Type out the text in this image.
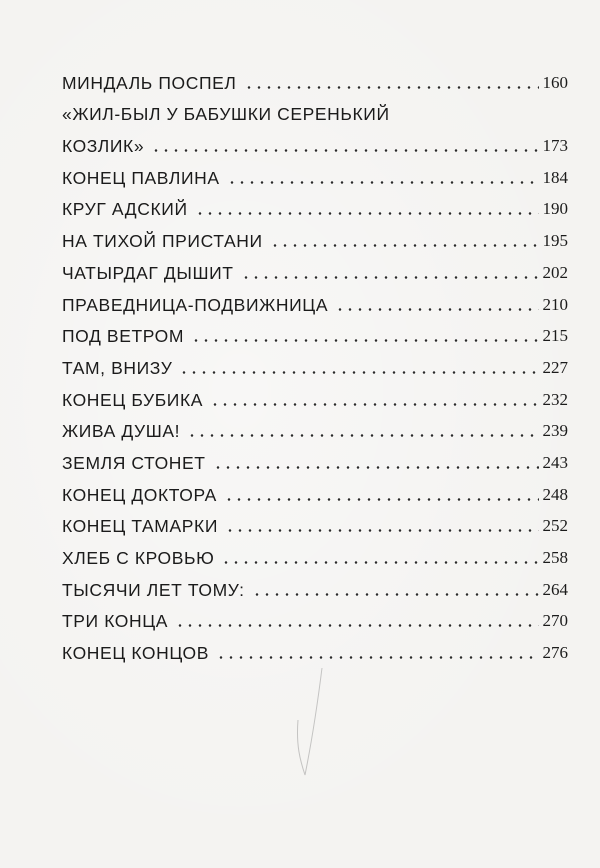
МИНДАЛЬ ПОСПЕЛ	160
«ЖИЛ-БЫЛ У БАБУШКИ СЕРЕНЬКИЙ
КОЗЛИК»	173
КОНЕЦ ПАВЛИНА	184
КРУГ АДСКИЙ	190
НА ТИХОЙ ПРИСТАНИ	195
ЧАТЫРДАГ ДЫШИТ	202
ПРАВЕДНИЦА-ПОДВИЖНИЦА	210
ПОД ВЕТРОМ	215
ТАМ, ВНИЗУ	227
КОНЕЦ БУБИКА	232
ЖИВА ДУША!	239
ЗЕМЛЯ СТОНЕТ	243
КОНЕЦ ДОКТОРА	248
КОНЕЦ ТАМАРКИ	252
ХЛЕБ С КРОВЬЮ	258
ТЫСЯЧИ ЛЕТ ТОМУ:	264
ТРИ КОНЦА	270
КОНЕЦ КОНЦОВ	276
